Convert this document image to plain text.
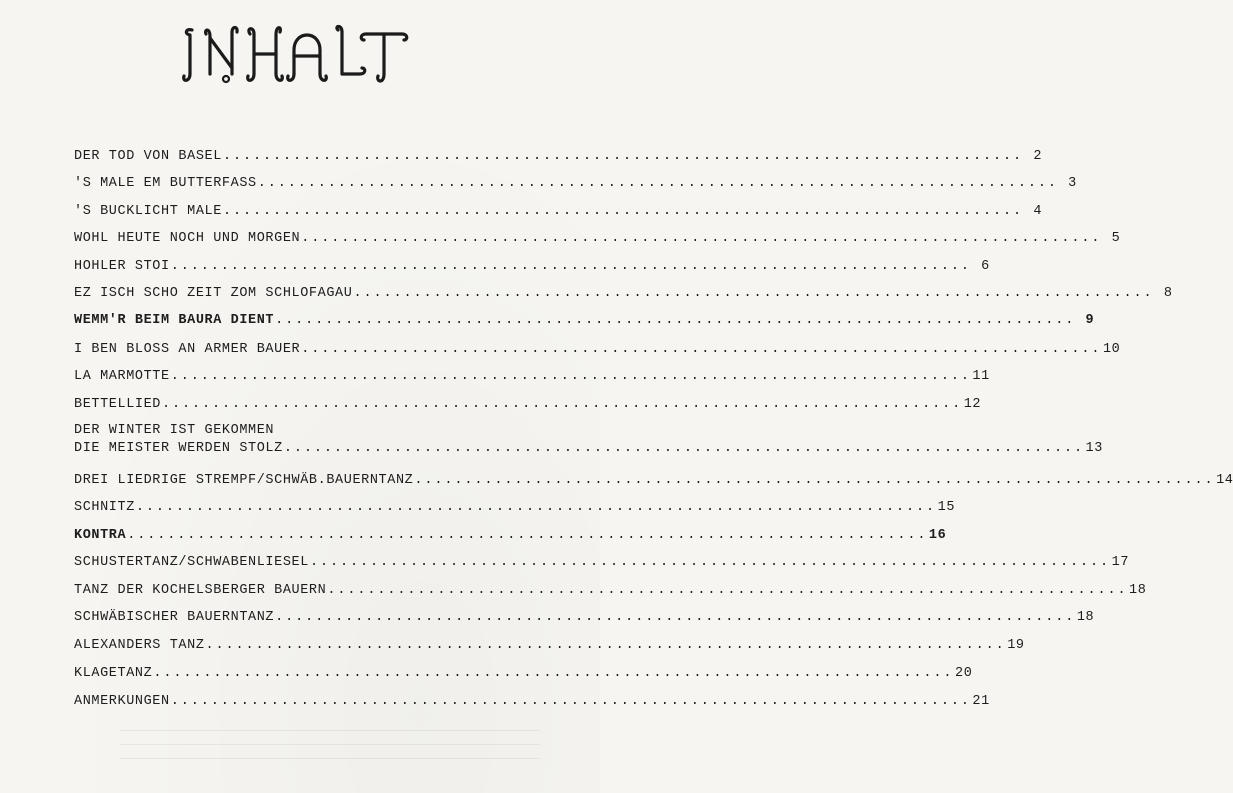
DER TOD VON BASEL ................................................................................ 2
'S MALE EM BUTTERFASS ................................................................................ 3
'S BUCKLICHT MALE ................................................................................ 4
WOHL HEUTE NOCH UND MORGEN ................................................................................ 5
HOHLER STOI ................................................................................ 6
EZ ISCH SCHO ZEIT ZOM SCHLOFAGAU ................................................................................ 8
WEMM'R BEIM BAURA DIENT ................................................................................ 9
I BEN BLOSS AN ARMER BAUER ................................................................................ 10
LA MARMOTTE ................................................................................ 11
BETTELLIED ................................................................................ 12
DER WINTER IST GEKOMMEN
DIE MEISTER WERDEN STOLZ ................................................................................ 13
DREI LIEDRIGE STREMPF/SCHWÄB.BAUERNTANZ ................................................................................ 14
SCHNITZ ................................................................................ 15
KONTRA ................................................................................ 16
SCHUSTERTANZ/SCHWABENLIESEL ................................................................................ 17
TANZ DER KOCHELSBERGER BAUERN ................................................................................ 18
SCHWÄBISCHER BAUERNTANZ ................................................................................ 18
ALEXANDERS TANZ ................................................................................ 19
KLAGETANZ ................................................................................ 20
ANMERKUNGEN ................................................................................ 21
